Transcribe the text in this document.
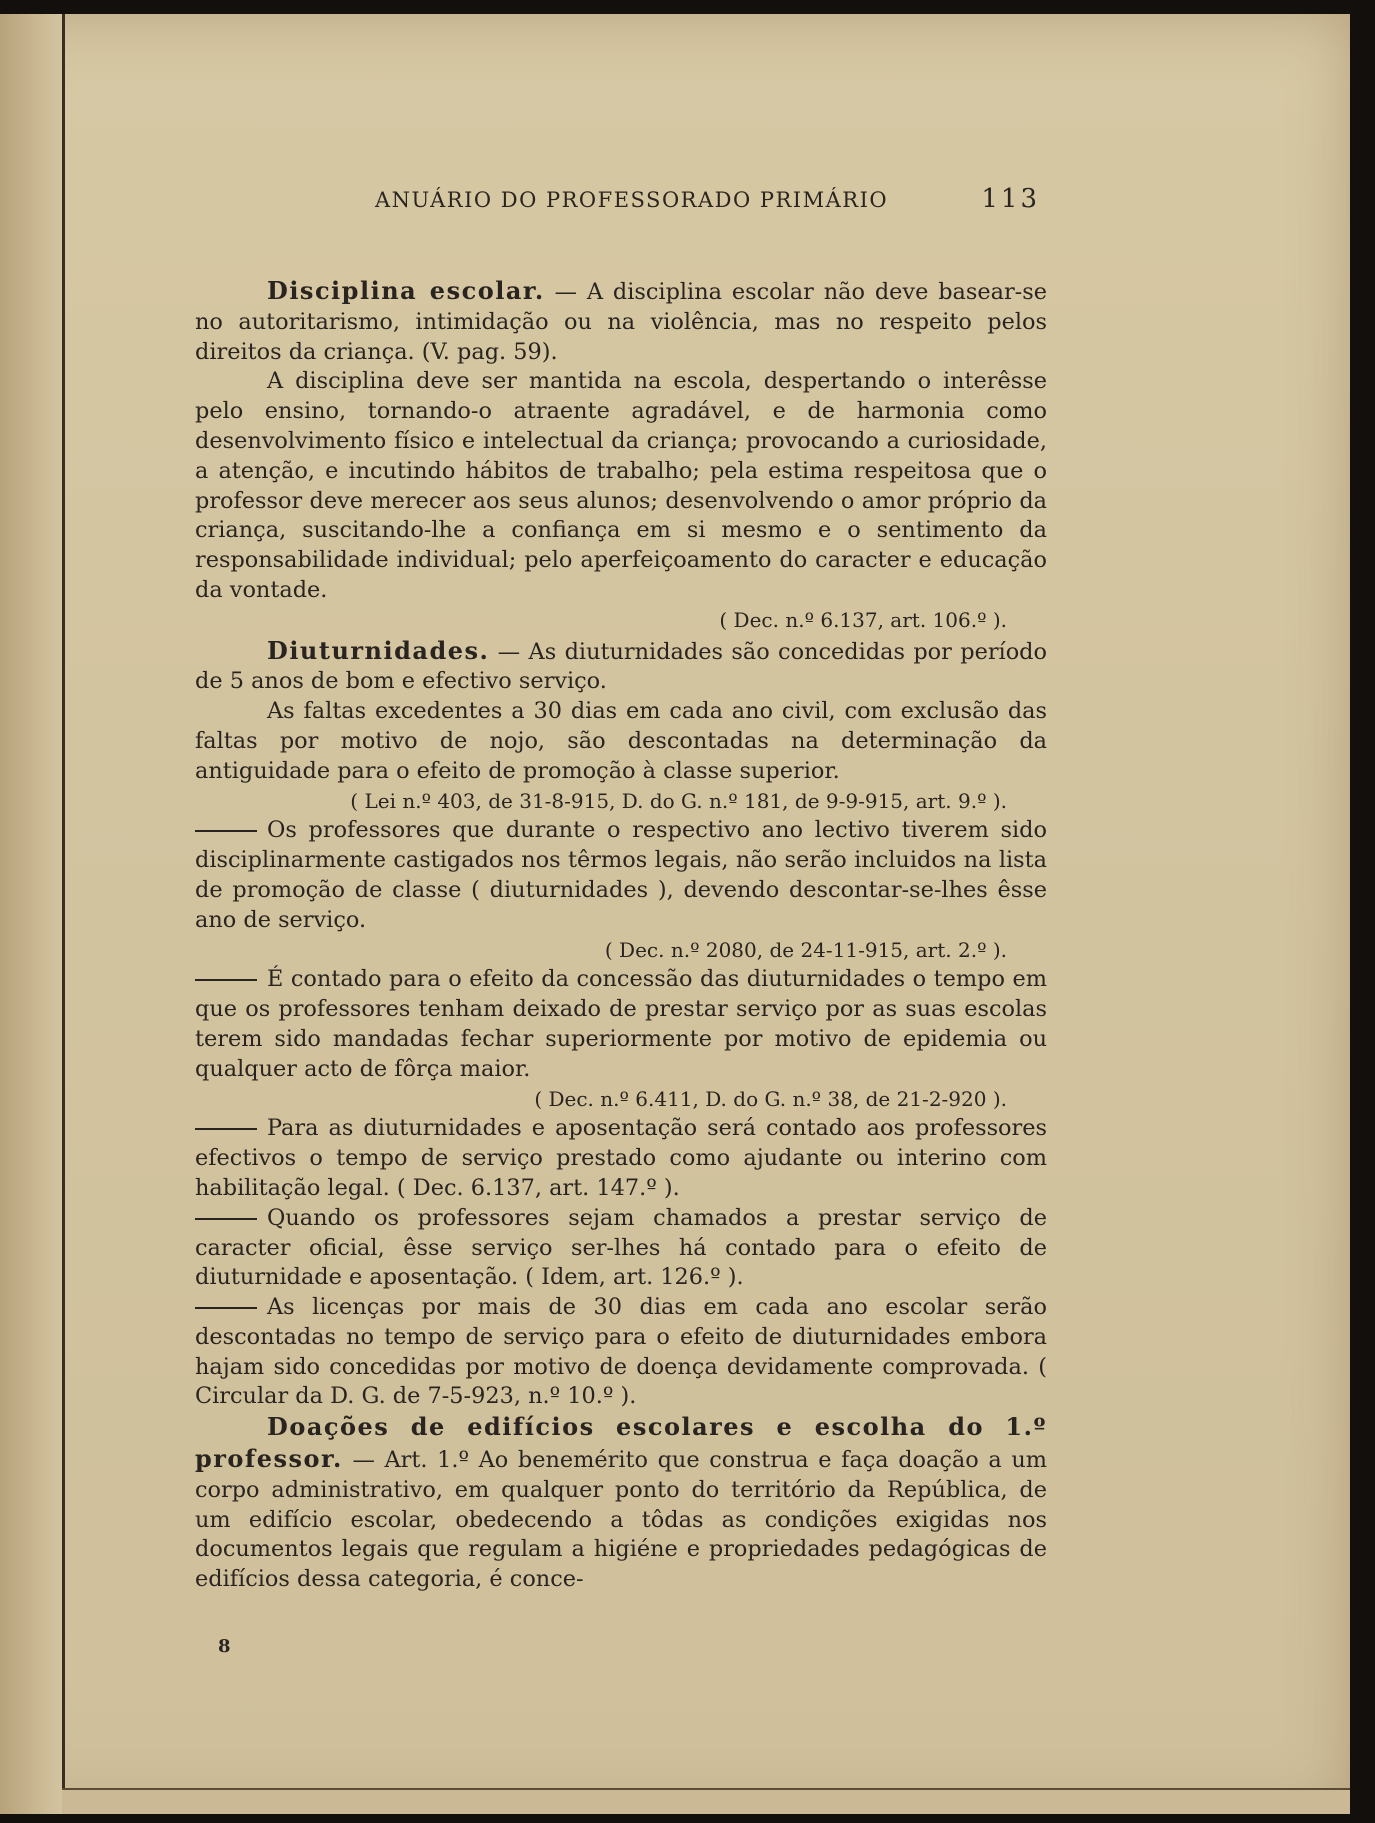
ANUÁRIO DO PROFESSORADO PRIMÁRIO	113

Disciplina escolar. — A disciplina escolar não deve basear-se no autoritarismo, intimidação ou na violência, mas no respeito pelos direitos da criança. (V. pag. 59).

A disciplina deve ser mantida na escola, despertando o interêsse pelo ensino, tornando-o atraente agradável, e de harmonia como desenvolvimento físico e intelectual da criança; provocando a curiosidade, a atenção, e incutindo hábitos de trabalho; pela estima respeitosa que o professor deve merecer aos seus alunos; desenvolvendo o amor próprio da criança, suscitando-lhe a confiança em si mesmo e o sentimento da responsabilidade individual; pelo aperfeiçoamento do caracter e educação da vontade.

( Dec. n.º 6.137, art. 106.º ).

Diuturnidades. — As diuturnidades são concedidas por período de 5 anos de bom e efectivo serviço.

As faltas excedentes a 30 dias em cada ano civil, com exclusão das faltas por motivo de nojo, são descontadas na determinação da antiguidade para o efeito de promoção à classe superior.

( Lei n.º 403, de 31-8-915, D. do G. n.º 181, de 9-9-915, art. 9.º ).

Os professores que durante o respectivo ano lectivo tiverem sido disciplinarmente castigados nos têrmos legais, não serão incluidos na lista de promoção de classe ( diuturnidades ), devendo descontar-se-lhes êsse ano de serviço.

( Dec. n.º 2080, de 24-11-915, art. 2.º ).

É contado para o efeito da concessão das diuturnidades o tempo em que os professores tenham deixado de prestar serviço por as suas escolas terem sido mandadas fechar superiormente por motivo de epidemia ou qualquer acto de fôrça maior.

( Dec. n.º 6.411, D. do G. n.º 38, de 21-2-920 ).

Para as diuturnidades e aposentação será contado aos professores efectivos o tempo de serviço prestado como ajudante ou interino com habilitação legal. ( Dec. 6.137, art. 147.º ).

Quando os professores sejam chamados a prestar serviço de caracter oficial, êsse serviço ser-lhes há contado para o efeito de diuturnidade e aposentação. ( Idem, art. 126.º ).

As licenças por mais de 30 dias em cada ano escolar serão descontadas no tempo de serviço para o efeito de diuturnidades embora hajam sido concedidas por motivo de doença devidamente comprovada. ( Circular da D. G. de 7-5-923, n.º 10.º ).

Doações de edifícios escolares e escolha do 1.º professor. — Art. 1.º Ao benemérito que construa e faça doação a um corpo administrativo, em qualquer ponto do território da República, de um edifício escolar, obedecendo a tôdas as condições exigidas nos documentos legais que regulam a higiéne e propriedades pedagógicas de edifícios dessa categoria, é conce-

8
